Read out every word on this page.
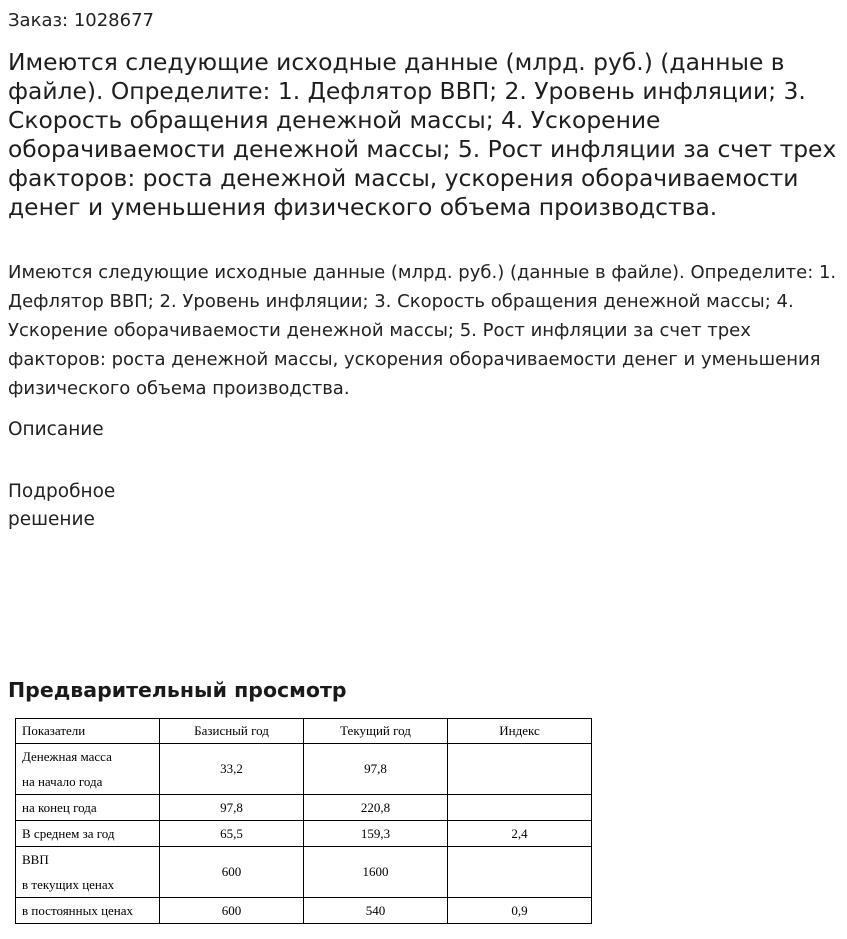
Заказ: 1028677

Имеются следующие исходные данные (млрд. руб.) (данные в файле). Определите: 1. Дефлятор ВВП; 2. Уровень инфляции; 3. Скорость обращения денежной массы; 4. Ускорение оборачиваемости денежной массы; 5. Рост инфляции за счет трех факторов: роста денежной массы, ускорения оборачиваемости денег и уменьшения физического объема производства.

Имеются следующие исходные данные (млрд. руб.) (данные в файле). Определите: 1. Дефлятор ВВП; 2. Уровень инфляции; 3. Скорость обращения денежной массы; 4. Ускорение оборачиваемости денежной массы; 5. Рост инфляции за счет трех факторов: роста денежной массы, ускорения оборачиваемости денег и уменьшения физического объема производства.

Описание

Подробное решение

Предварительный просмотр
Показатели	Базисный год	Текущий год	Индекс

Денежная масса
на начало года	33,2	97,8	

на конец года	97,8	220,8	

В среднем за год	65,5	159,3	2,4

ВВП
в текущих ценах	600	1600	

в постоянных ценах	600	540	0,9
